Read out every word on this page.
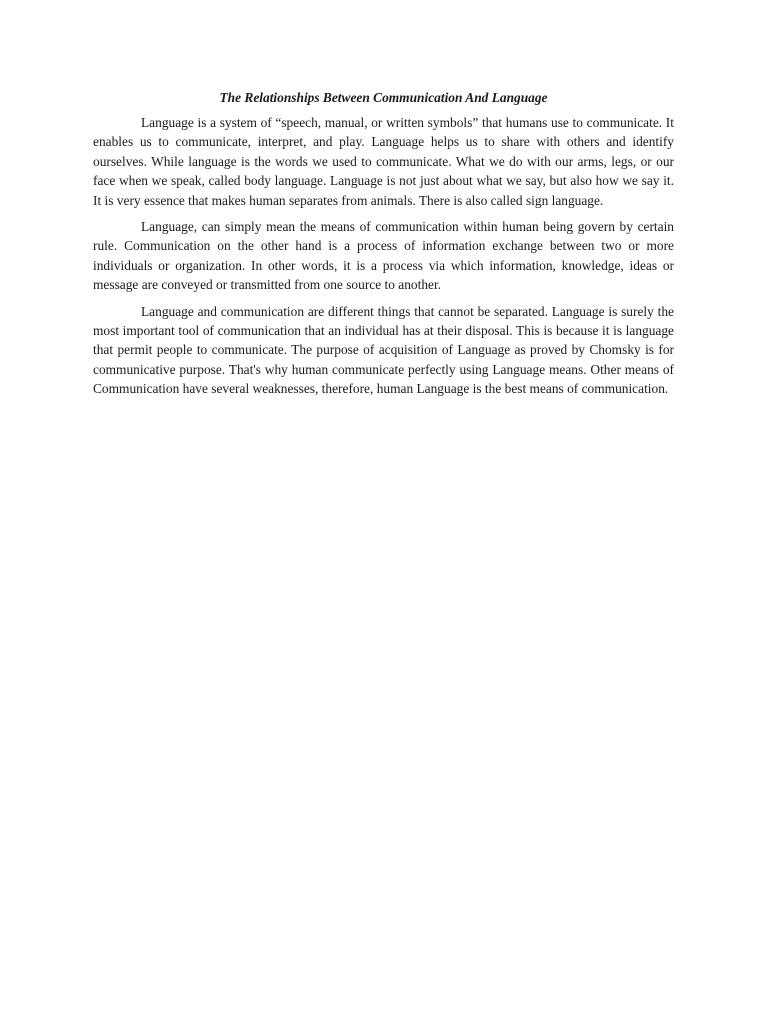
The Relationships Between Communication And Language

Language is a system of “speech, manual, or written symbols” that humans use to communicate. It enables us to communicate, interpret, and play. Language helps us to share with others and identify ourselves. While language is the words we used to communicate. What we do with our arms, legs, or our face when we speak, called body language. Language is not just about what we say, but also how we say it. It is very essence that makes human separates from animals. There is also called sign language.

Language, can simply mean the means of communication within human being govern by certain rule. Communication on the other hand is a process of information exchange between two or more individuals or organization. In other words, it is a process via which information, knowledge, ideas or message are conveyed or transmitted from one source to another.

Language and communication are different things that cannot be separated. Language is surely the most important tool of communication that an individual has at their disposal. This is because it is language that permit people to communicate. The purpose of acquisition of Language as proved by Chomsky is for communicative purpose. That's why human communicate perfectly using Language means. Other means of Communication have several weaknesses, therefore, human Language is the best means of communication.
